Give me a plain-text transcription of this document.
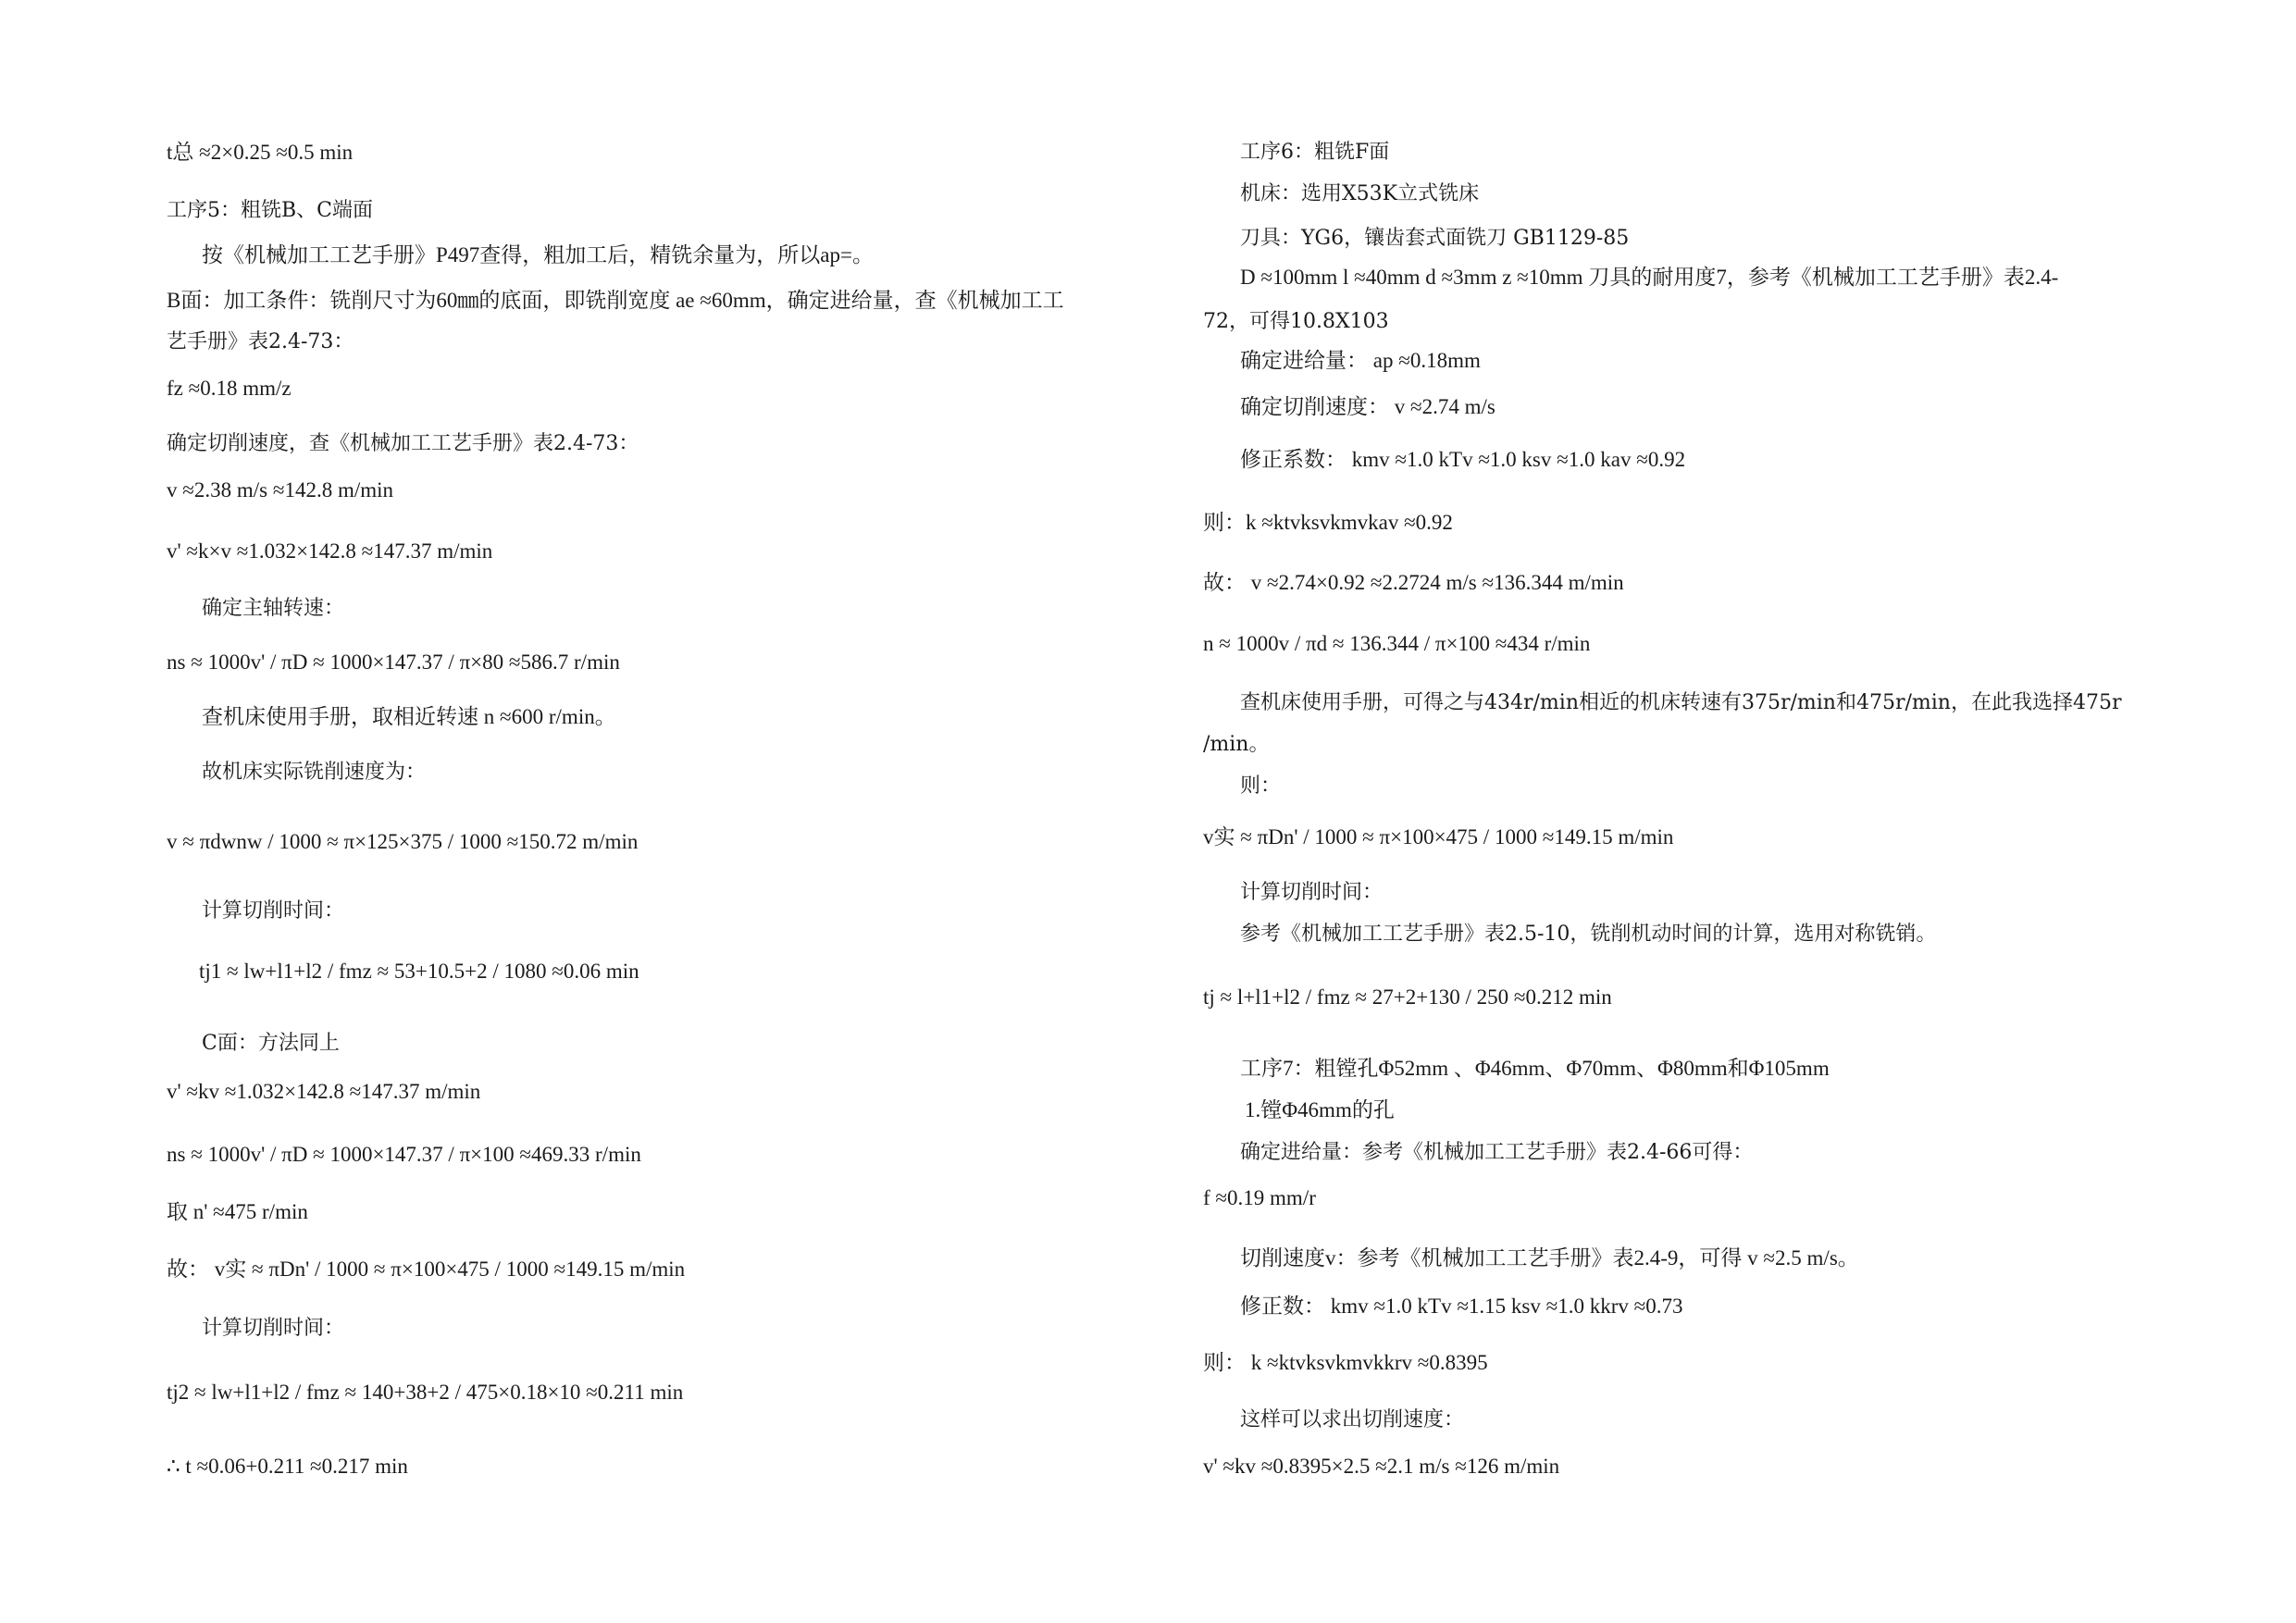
t总 ≈2×0.25 ≈0.5 min
工序5：粗铣B、C端面
按《机械加工工艺手册》P497查得，粗加工后，精铣余量为，所以ap=。
B面：加工条件：铣削尺寸为60㎜的底面，即铣削宽度 ae ≈60mm，确定进给量，查《机械加工工
艺手册》表2.4-73：
fz ≈0.18 mm/z
确定切削速度，查《机械加工工艺手册》表2.4-73：
v ≈2.38 m/s ≈142.8 m/min
v' ≈k×v ≈1.032×142.8 ≈147.37 m/min
确定主轴转速：
ns ≈ 1000v' / πD ≈ 1000×147.37 / π×80 ≈586.7 r/min
查机床使用手册，取相近转速 n ≈600 r/min。
故机床实际铣削速度为：
v ≈ πdwnw / 1000 ≈ π×125×375 / 1000 ≈150.72 m/min
计算切削时间：
tj1 ≈ lw+l1+l2 / fmz ≈ 53+10.5+2 / 1080 ≈0.06 min
C面：方法同上
v' ≈kv ≈1.032×142.8 ≈147.37 m/min
ns ≈ 1000v' / πD ≈ 1000×147.37 / π×100 ≈469.33 r/min
取 n' ≈475 r/min
故： v实 ≈ πDn' / 1000 ≈ π×100×475 / 1000 ≈149.15 m/min
计算切削时间：
tj2 ≈ lw+l1+l2 / fmz ≈ 140+38+2 / 475×0.18×10 ≈0.211 min
∴ t ≈0.06+0.211 ≈0.217 min
工序6：粗铣F面
机床：选用X53K立式铣床
刀具：YG6，镶齿套式面铣刀 GB1129-85
D ≈100mm l ≈40mm d ≈3mm z ≈10mm 刀具的耐用度7，参考《机械加工工艺手册》表2.4-
72，可得10.8X103
确定进给量： ap ≈0.18mm
确定切削速度： v ≈2.74 m/s
修正系数： kmv ≈1.0 kTv ≈1.0 ksv ≈1.0 kav ≈0.92
则：k ≈ktvksvkmvkav ≈0.92
故： v ≈2.74×0.92 ≈2.2724 m/s ≈136.344 m/min
n ≈ 1000v / πd ≈ 136.344 / π×100 ≈434 r/min
查机床使用手册，可得之与434r/min相近的机床转速有375r/min和475r/min，在此我选择475r
/min。
则：
v实 ≈ πDn' / 1000 ≈ π×100×475 / 1000 ≈149.15 m/min
计算切削时间：
参考《机械加工工艺手册》表2.5-10，铣削机动时间的计算，选用对称铣销。
tj ≈ l+l1+l2 / fmz ≈ 27+2+130 / 250 ≈0.212 min
工序7：粗镗孔Φ52mm 、Φ46mm、Φ70mm、Φ80mm和Φ105mm
1.镗Φ46mm的孔
确定进给量：参考《机械加工工艺手册》表2.4-66可得：
f ≈0.19 mm/r
切削速度v：参考《机械加工工艺手册》表2.4-9，可得 v ≈2.5 m/s。
修正数： kmv ≈1.0 kTv ≈1.15 ksv ≈1.0 kkrv ≈0.73
则： k ≈ktvksvkmvkkrv ≈0.8395
这样可以求出切削速度：
v' ≈kv ≈0.8395×2.5 ≈2.1 m/s ≈126 m/min
